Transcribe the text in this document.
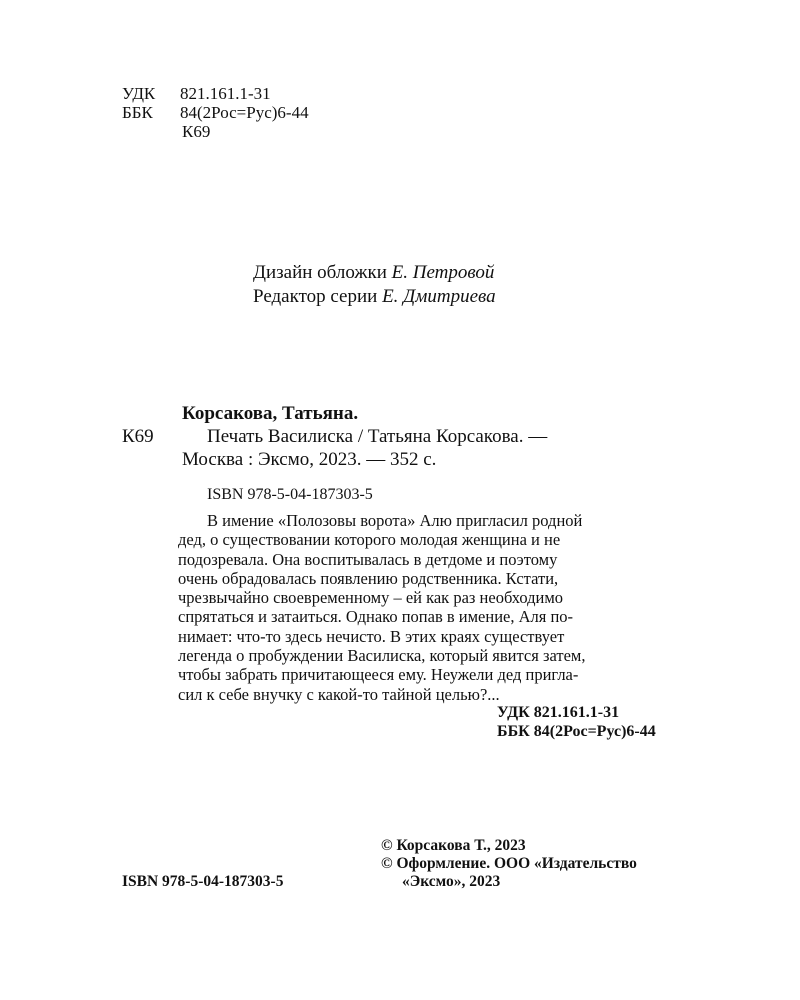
УДК 821.161.1-31
ББК 84(2Рос=Рус)6-44
К69
Дизайн обложки Е. Петровой
Редактор серии Е. Дмитриева
Корсакова, Татьяна.
К69	Печать Василиска / Татьяна Корсакова. —
Москва : Эксмо, 2023. — 352 с.
ISBN 978-5-04-187303-5
В имение «Полозовы ворота» Алю пригласил родной
дед, о существовании которого молодая женщина и не
подозревала. Она воспитывалась в детдоме и поэтому
очень обрадовалась появлению родственника. Кстати,
чрезвычайно своевременному – ей как раз необходимо
спрятаться и затаиться. Однако попав в имение, Аля по-
нимает: что-то здесь нечисто. В этих краях существует
легенда о пробуждении Василиска, который явится затем,
чтобы забрать причитающееся ему. Неужели дед пригла-
сил к себе внучку с какой-то тайной целью?...
УДК 821.161.1-31
ББК 84(2Рос=Рус)6-44
© Корсакова Т., 2023
© Оформление. ООО «Издательство
«Эксмо», 2023
ISBN 978-5-04-187303-5
